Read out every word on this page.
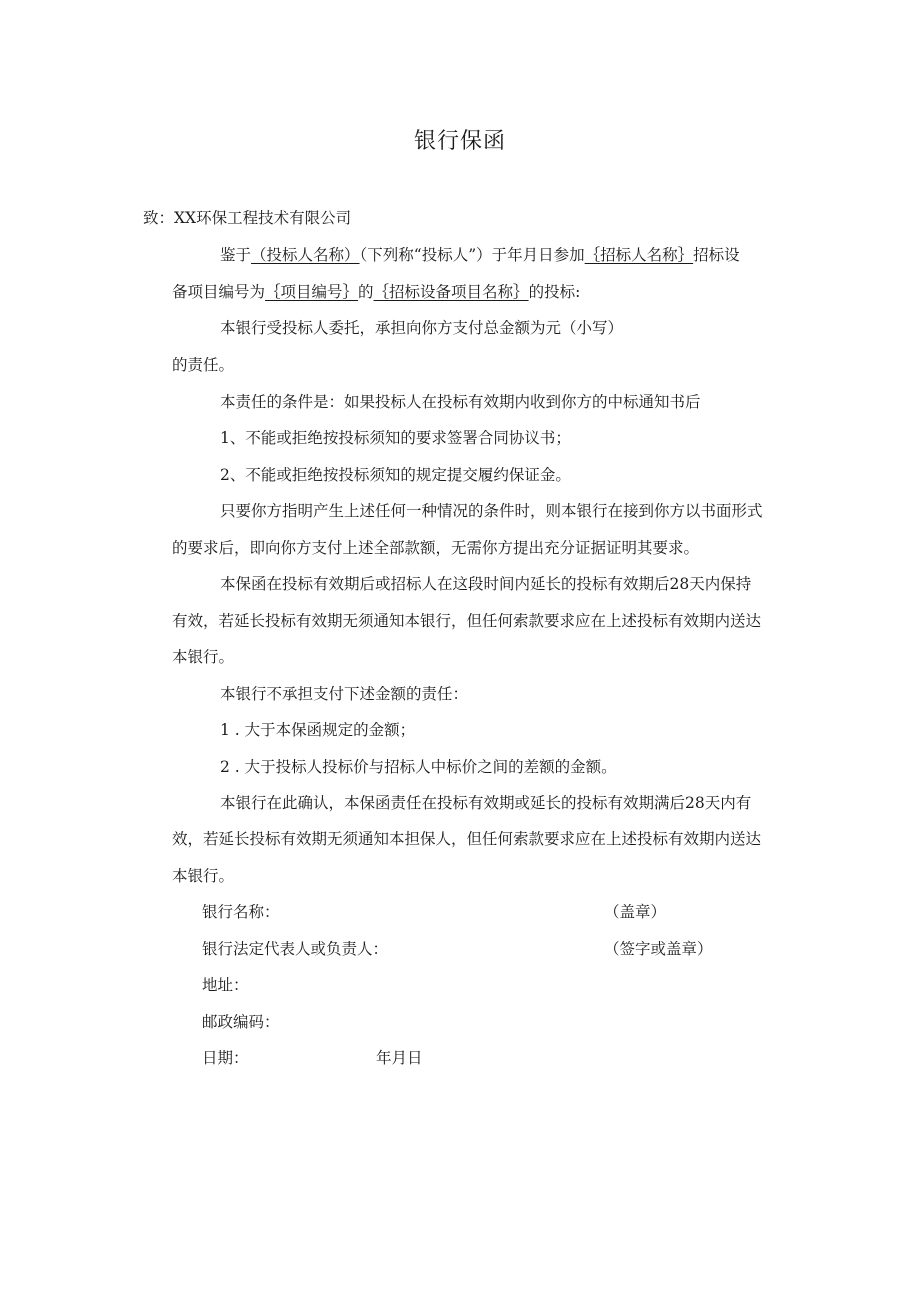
银行保函
致：XX环保工程技术有限公司
鉴于（投标人名称）（下列称“投标人”）于年月日参加｛招标人名称｝招标设
备项目编号为｛项目编号｝的｛招标设备项目名称｝的投标:
本银行受投标人委托，承担向你方支付总金额为元（小写）
的责任。
本责任的条件是：如果投标人在投标有效期内收到你方的中标通知书后
1、不能或拒绝按投标须知的要求签署合同协议书；
2、不能或拒绝按投标须知的规定提交履约保证金。
只要你方指明产生上述任何一种情况的条件时，则本银行在接到你方以书面形式
的要求后，即向你方支付上述全部款额，无需你方提出充分证据证明其要求。
本保函在投标有效期后或招标人在这段时间内延长的投标有效期后28天内保持
有效，若延长投标有效期无须通知本银行，但任何索款要求应在上述投标有效期内送达
本银行。
本银行不承担支付下述金额的责任：
1 . 大于本保函规定的金额；
2 . 大于投标人投标价与招标人中标价之间的差额的金额。
本银行在此确认，本保函责任在投标有效期或延长的投标有效期满后28天内有
效，若延长投标有效期无须通知本担保人，但任何索款要求应在上述投标有效期内送达
本银行。
银行名称：	（盖章）
银行法定代表人或负责人：	（签字或盖章）
地址：
邮政编码：
日期：	年月日
